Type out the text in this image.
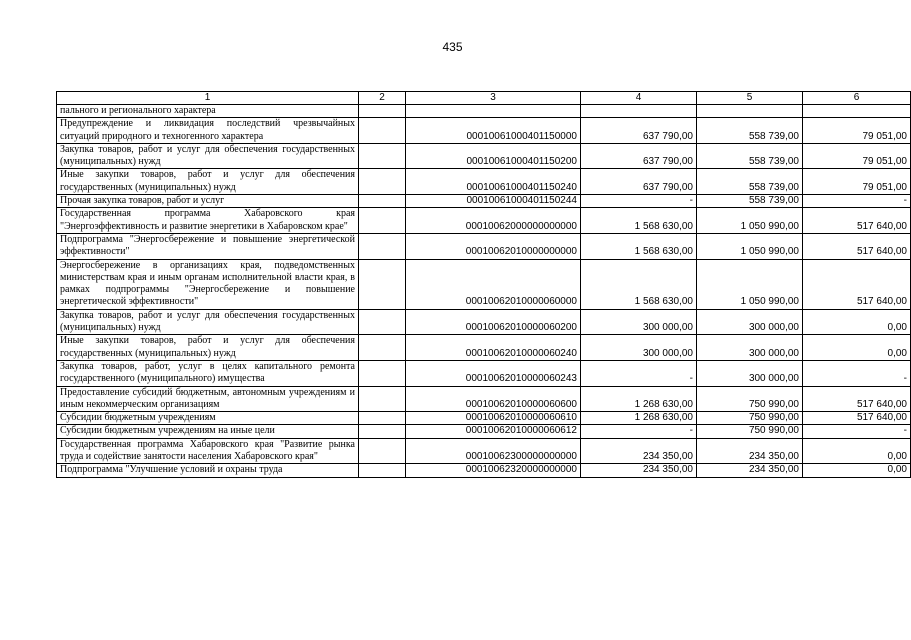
435
1	2	3	4	5	6
пального и регионального характера					
Предупреждение и ликвидация последствий чрезвычайных ситуаций природного и техногенного характера		00010061000401150000	637 790,00	558 739,00	79 051,00
Закупка товаров, работ и услуг для обеспечения государственных (муниципальных) нужд		00010061000401150200	637 790,00	558 739,00	79 051,00
Иные закупки товаров, работ и услуг для обеспечения государственных (муниципальных) нужд		00010061000401150240	637 790,00	558 739,00	79 051,00
Прочая закупка товаров, работ и услуг		00010061000401150244	-	558 739,00	-
Государственная программа Хабаровского края "Энергоэффективность и развитие энергетики в Хабаровском крае"		00010062000000000000	1 568 630,00	1 050 990,00	517 640,00
Подпрограмма "Энергосбережение и повышение энергетической эффективности"		00010062010000000000	1 568 630,00	1 050 990,00	517 640,00
Энергосбережение в организациях края, подведомственных министерствам края и иным органам исполнительной власти края, в рамках подпрограммы "Энергосбережение и повышение энергетической эффективности"		00010062010000060000	1 568 630,00	1 050 990,00	517 640,00
Закупка товаров, работ и услуг для обеспечения государственных (муниципальных) нужд		00010062010000060200	300 000,00	300 000,00	0,00
Иные закупки товаров, работ и услуг для обеспечения государственных (муниципальных) нужд		00010062010000060240	300 000,00	300 000,00	0,00
Закупка товаров, работ, услуг в целях капитального ремонта государственного (муниципального) имущества		00010062010000060243	-	300 000,00	-
Предоставление субсидий бюджетным, автономным учреждениям и иным некоммерческим организациям		00010062010000060600	1 268 630,00	750 990,00	517 640,00
Субсидии бюджетным учреждениям		00010062010000060610	1 268 630,00	750 990,00	517 640,00
Субсидии бюджетным учреждениям на иные цели		00010062010000060612	-	750 990,00	-
Государственная программа Хабаровского края "Развитие рынка труда и содействие занятости населения Хабаровского края"		00010062300000000000	234 350,00	234 350,00	0,00
Подпрограмма "Улучшение условий и охраны труда		00010062320000000000	234 350,00	234 350,00	0,00
